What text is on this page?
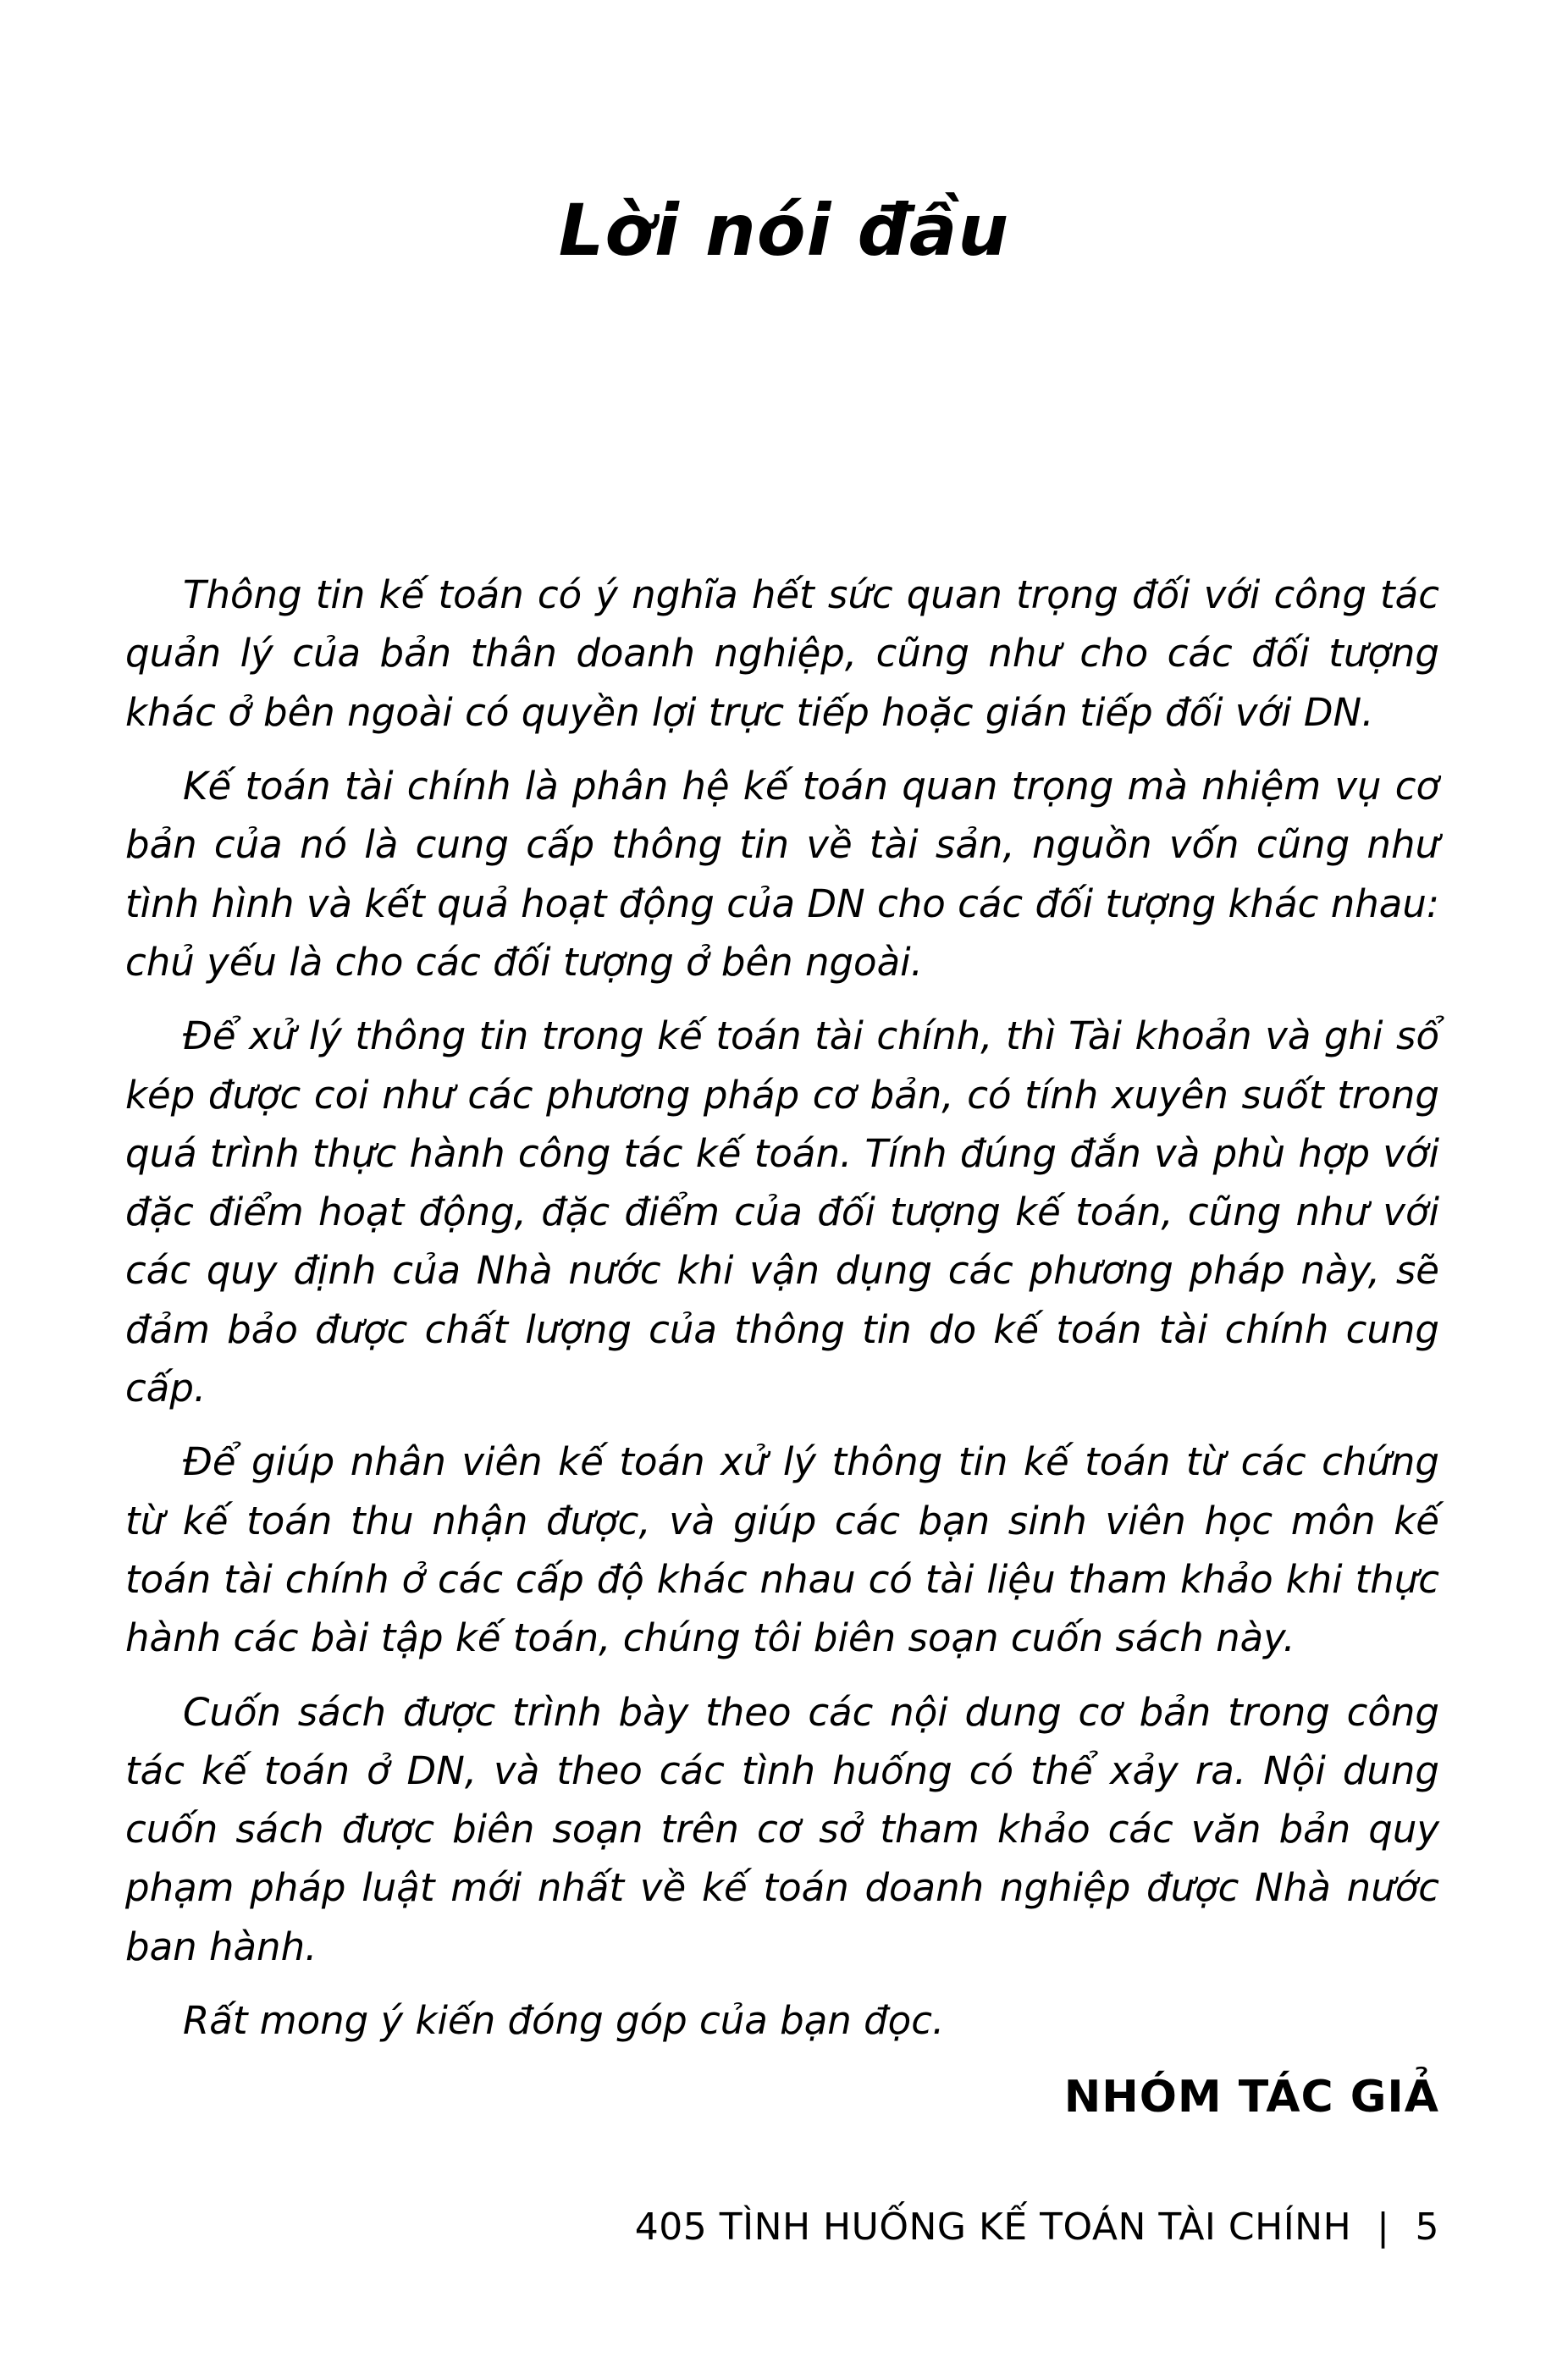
Lời nói đầu

Thông tin kế toán có ý nghĩa hết sức quan trọng đối với công tác quản lý của bản thân doanh nghiệp, cũng như cho các đối tượng khác ở bên ngoài có quyền lợi trực tiếp hoặc gián tiếp đối với DN.

Kế toán tài chính là phân hệ kế toán quan trọng mà nhiệm vụ cơ bản của nó là cung cấp thông tin về tài sản, nguồn vốn cũng như tình hình và kết quả hoạt động của DN cho các đối tượng khác nhau: chủ yếu là cho các đối tượng ở bên ngoài.

Để xử lý thông tin trong kế toán tài chính, thì Tài khoản và ghi sổ kép được coi như các phương pháp cơ bản, có tính xuyên suốt trong quá trình thực hành công tác kế toán. Tính đúng đắn và phù hợp với đặc điểm hoạt động, đặc điểm của đối tượng kế toán, cũng như với các quy định của Nhà nước khi vận dụng các phương pháp này, sẽ đảm bảo được chất lượng của thông tin do kế toán tài chính cung cấp.

Để giúp nhân viên kế toán xử lý thông tin kế toán từ các chứng từ kế toán thu nhận được, và giúp các bạn sinh viên học môn kế toán tài chính ở các cấp độ khác nhau có tài liệu tham khảo khi thực hành các bài tập kế toán, chúng tôi biên soạn cuốn sách này.

Cuốn sách được trình bày theo các nội dung cơ bản trong công tác kế toán ở DN, và theo các tình huống có thể xảy ra. Nội dung cuốn sách được biên soạn trên cơ sở tham khảo các văn bản quy phạm pháp luật mới nhất về kế toán doanh nghiệp được Nhà nước ban hành.

Rất mong ý kiến đóng góp của bạn đọc.

NHÓM TÁC GIẢ
405 TÌNH HUỐNG KẾ TOÁN TÀI CHÍNH | 5
